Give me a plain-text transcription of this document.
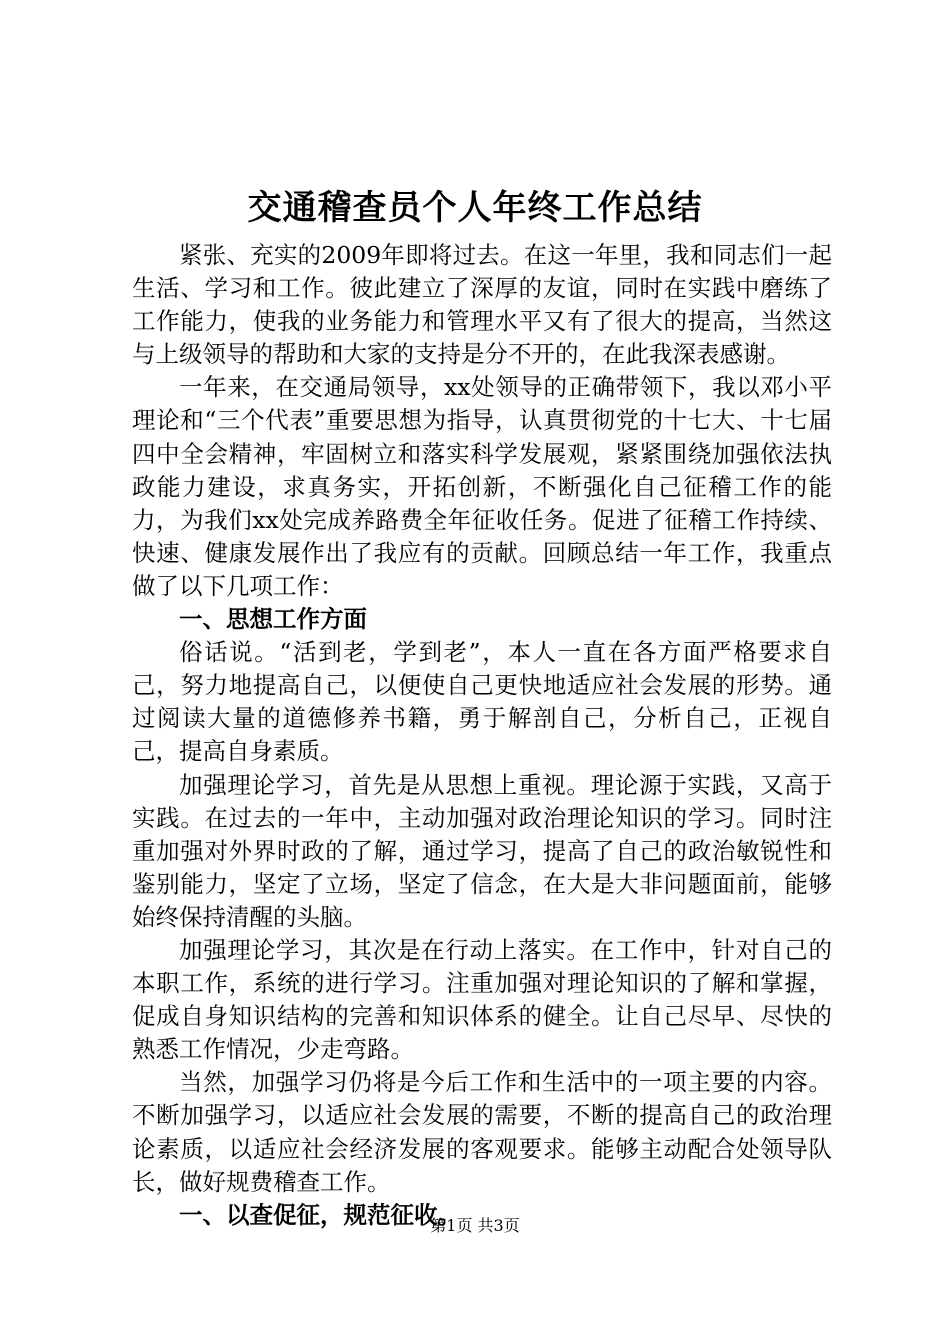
交通稽查员个人年终工作总结

紧张、充实的2009年即将过去。在这一年里，我和同志们一起生活、学习和工作。彼此建立了深厚的友谊，同时在实践中磨练了工作能力，使我的业务能力和管理水平又有了很大的提高，当然这与上级领导的帮助和大家的支持是分不开的，在此我深表感谢。

一年来，在交通局领导，xx处领导的正确带领下，我以邓小平理论和“三个代表”重要思想为指导，认真贯彻党的十七大、十七届四中全会精神，牢固树立和落实科学发展观，紧紧围绕加强依法执政能力建设，求真务实，开拓创新，不断强化自己征稽工作的能力，为我们xx处完成养路费全年征收任务。促进了征稽工作持续、快速、健康发展作出了我应有的贡献。回顾总结一年工作，我重点做了以下几项工作：

一、思想工作方面

俗话说。“活到老，学到老”，本人一直在各方面严格要求自己，努力地提高自己，以便使自己更快地适应社会发展的形势。通过阅读大量的道德修养书籍，勇于解剖自己，分析自己，正视自己，提高自身素质。

加强理论学习，首先是从思想上重视。理论源于实践，又高于实践。在过去的一年中，主动加强对政治理论知识的学习。同时注重加强对外界时政的了解，通过学习，提高了自己的政治敏锐性和鉴别能力，坚定了立场，坚定了信念，在大是大非问题面前，能够始终保持清醒的头脑。

加强理论学习，其次是在行动上落实。在工作中，针对自己的本职工作，系统的进行学习。注重加强对理论知识的了解和掌握，促成自身知识结构的完善和知识体系的健全。让自己尽早、尽快的熟悉工作情况，少走弯路。

当然，加强学习仍将是今后工作和生活中的一项主要的内容。不断加强学习，以适应社会发展的需要，不断的提高自己的政治理论素质，以适应社会经济发展的客观要求。能够主动配合处领导队长，做好规费稽查工作。

一、以查促征，规范征收。
第1页 共3页
